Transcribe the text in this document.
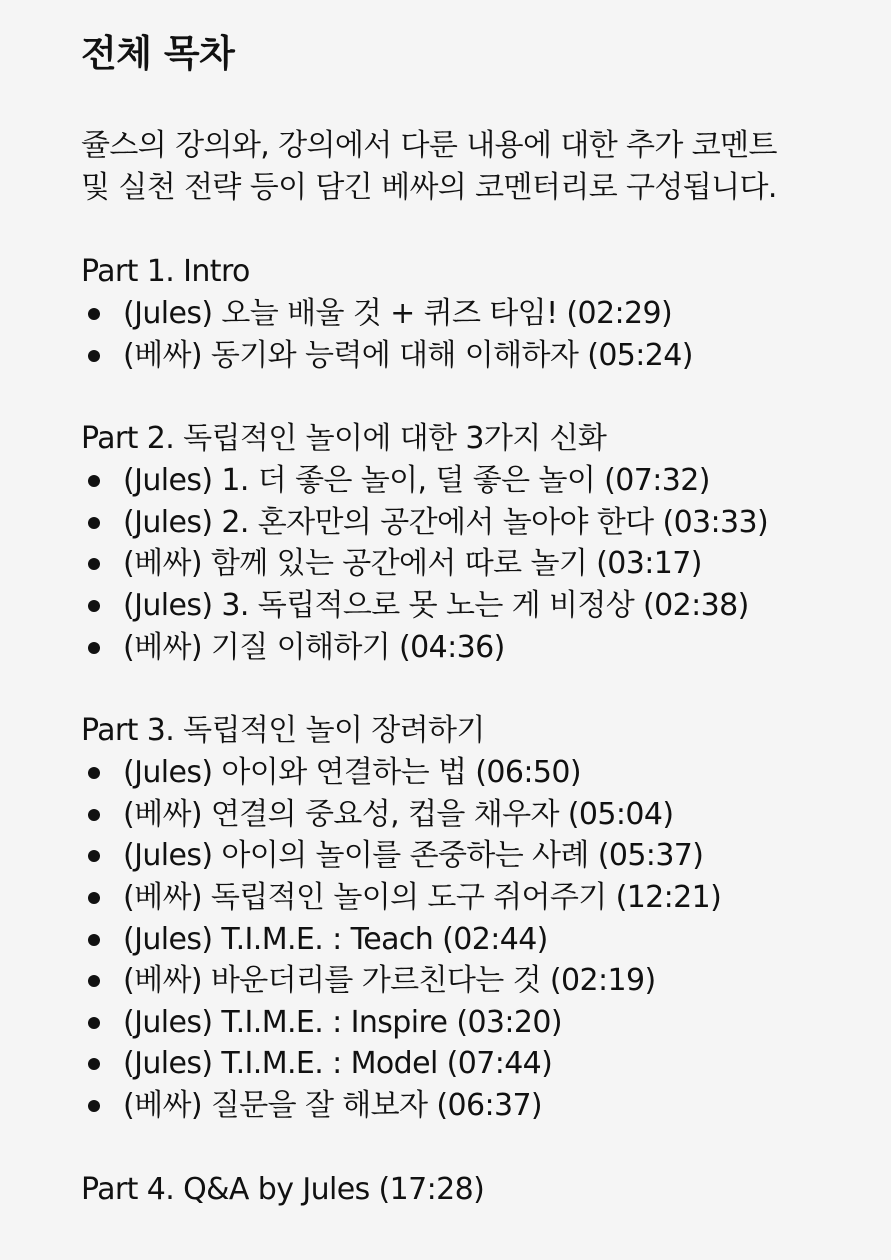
전체 목차
쥴스의 강의와, 강의에서 다룬 내용에 대한 추가 코멘트
및 실천 전략 등이 담긴 베싸의 코멘터리로 구성됩니다.
Part 1. Intro
(Jules) 오늘 배울 것 + 퀴즈 타임! (02:29)
(베싸) 동기와 능력에 대해 이해하자 (05:24)
Part 2. 독립적인 놀이에 대한 3가지 신화
(Jules) 1. 더 좋은 놀이, 덜 좋은 놀이 (07:32)
(Jules) 2. 혼자만의 공간에서 놀아야 한다 (03:33)
(베싸) 함께 있는 공간에서 따로 놀기 (03:17)
(Jules) 3. 독립적으로 못 노는 게 비정상 (02:38)
(베싸) 기질 이해하기 (04:36)
Part 3. 독립적인 놀이 장려하기
(Jules) 아이와 연결하는 법 (06:50)
(베싸) 연결의 중요성, 컵을 채우자 (05:04)
(Jules) 아이의 놀이를 존중하는 사례 (05:37)
(베싸) 독립적인 놀이의 도구 쥐어주기 (12:21)
(Jules) T.I.M.E. : Teach (02:44)
(베싸) 바운더리를 가르친다는 것 (02:19)
(Jules) T.I.M.E. : Inspire (03:20)
(Jules) T.I.M.E. : Model (07:44)
(베싸) 질문을 잘 해보자 (06:37)
Part 4. Q&A by Jules (17:28)
